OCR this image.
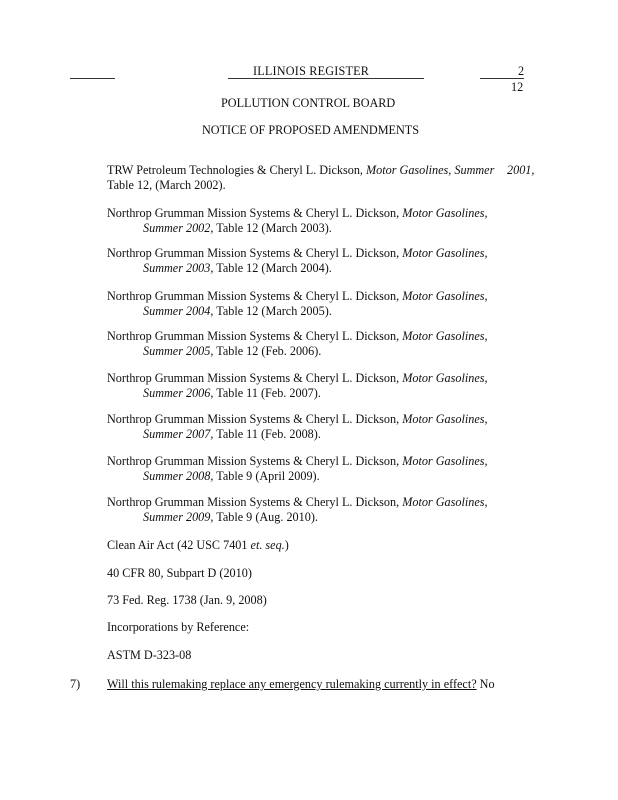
ILLINOIS REGISTER	2
12
POLLUTION CONTROL BOARD
NOTICE OF PROPOSED AMENDMENTS
TRW Petroleum Technologies & Cheryl L. Dickson, Motor Gasolines, Summer 2001,
Table 12, (March 2002).
Northrop Grumman Mission Systems & Cheryl L. Dickson, Motor Gasolines,
Summer 2002, Table 12 (March 2003).
Northrop Grumman Mission Systems & Cheryl L. Dickson, Motor Gasolines,
Summer 2003, Table 12 (March 2004).
Northrop Grumman Mission Systems & Cheryl L. Dickson, Motor Gasolines,
Summer 2004, Table 12 (March 2005).
Northrop Grumman Mission Systems & Cheryl L. Dickson, Motor Gasolines,
Summer 2005, Table 12 (Feb. 2006).
Northrop Grumman Mission Systems & Cheryl L. Dickson, Motor Gasolines,
Summer 2006, Table 11 (Feb. 2007).
Northrop Grumman Mission Systems & Cheryl L. Dickson, Motor Gasolines,
Summer 2007, Table 11 (Feb. 2008).
Northrop Grumman Mission Systems & Cheryl L. Dickson, Motor Gasolines,
Summer 2008, Table 9 (April 2009).
Northrop Grumman Mission Systems & Cheryl L. Dickson, Motor Gasolines,
Summer 2009, Table 9 (Aug. 2010).
Clean Air Act (42 USC 7401 et. seq.)
40 CFR 80, Subpart D (2010)
73 Fed. Reg. 1738 (Jan. 9, 2008)
Incorporations by Reference:
ASTM D-323-08
7) Will this rulemaking replace any emergency rulemaking currently in effect? No
